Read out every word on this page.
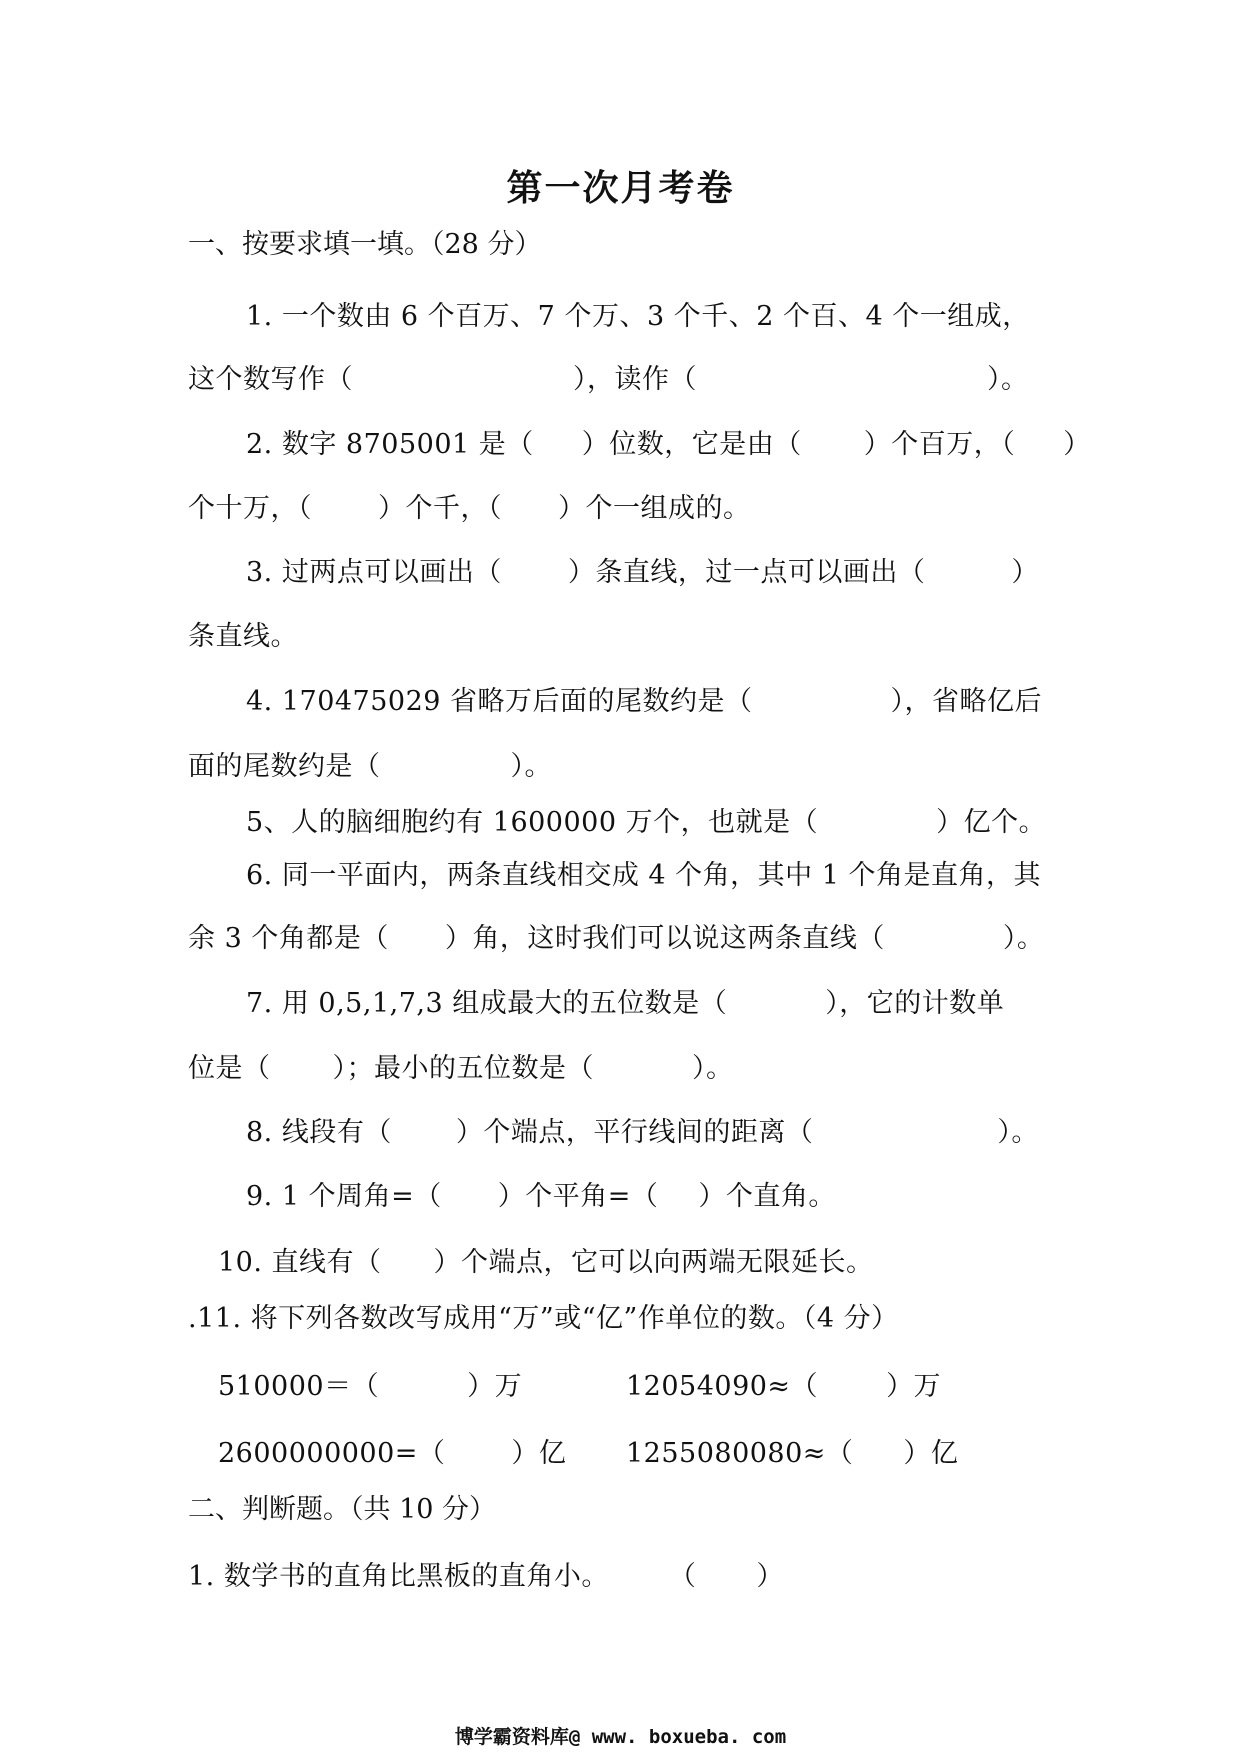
第一次月考卷
一、按要求填一填。（28 分）
1. 一个数由 6 个百万、7 个万、3 个千、2 个百、4 个一组成，
这个数写作（	），读作（	）。
2. 数字 8705001 是（ ）位数，它是由（ ）个百万，（ ）
个十万，（ ）个千，（ ）个一组成的。
3. 过两点可以画出（ ）条直线，过一点可以画出（	）
条直线。
4. 170475029 省略万后面的尾数约是（	），省略亿后
面的尾数约是（	）。
5、人的脑细胞约有 1600000 万个，也就是（	）亿个。
6. 同一平面内，两条直线相交成 4 个角，其中 1 个角是直角，其
余 3 个角都是（ ）角，这时我们可以说这两条直线（	）。
7. 用 0,5,1,7,3 组成最大的五位数是（	），它的计数单
位是（ ）；最小的五位数是（	）。
8. 线段有（ ）个端点，平行线间的距离（	）。
9. 1 个周角=（ ）个平角=（ ）个直角。
10. 直线有（ ）个端点，它可以向两端无限延长。
.11. 将下列各数改写成用“万”或“亿”作单位的数。（4 分）
510000＝（	）万	12054090≈（	）万
2600000000=（ ）亿 1255080080≈（ ）亿
二、判断题。（共 10 分）
1. 数学书的直角比黑板的直角小。 （ ）
博学霸资料库@ www. boxueba. com
